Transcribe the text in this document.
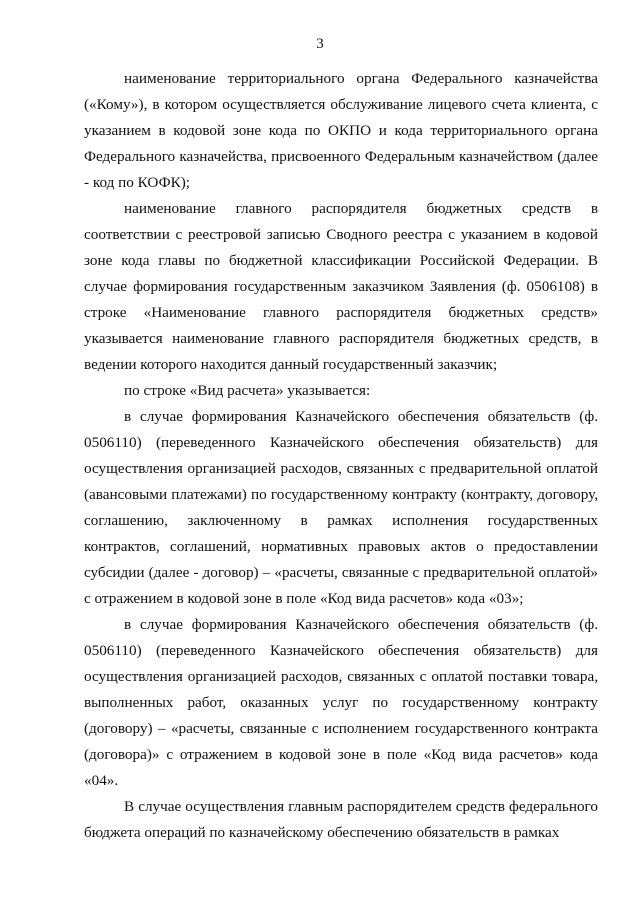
3

наименование территориального органа Федерального казначейства («Кому»), в котором осуществляется обслуживание лицевого счета клиента, с указанием в кодовой зоне кода по ОКПО и кода территориального органа Федерального казначейства, присвоенного Федеральным казначейством (далее - код по КОФК);

наименование главного распорядителя бюджетных средств в соответствии с реестровой записью Сводного реестра с указанием в кодовой зоне кода главы по бюджетной классификации Российской Федерации. В случае формирования государственным заказчиком Заявления (ф. 0506108) в строке «Наименование главного распорядителя бюджетных средств» указывается наименование главного распорядителя бюджетных средств, в ведении которого находится данный государственный заказчик;

по строке «Вид расчета» указывается:

в случае формирования Казначейского обеспечения обязательств (ф. 0506110) (переведенного Казначейского обеспечения обязательств) для осуществления организацией расходов, связанных с предварительной оплатой (авансовыми платежами) по государственному контракту (контракту, договору, соглашению, заключенному в рамках исполнения государственных контрактов, соглашений, нормативных правовых актов о предоставлении субсидии (далее - договор) – «расчеты, связанные с предварительной оплатой» с отражением в кодовой зоне в поле «Код вида расчетов» кода «03»;

в случае формирования Казначейского обеспечения обязательств (ф. 0506110) (переведенного Казначейского обеспечения обязательств) для осуществления организацией расходов, связанных с оплатой поставки товара, выполненных работ, оказанных услуг по государственному контракту (договору) – «расчеты, связанные с исполнением государственного контракта (договора)» с отражением в кодовой зоне в поле «Код вида расчетов» кода «04».

В случае осуществления главным распорядителем средств федерального бюджета операций по казначейскому обеспечению обязательств в рамках
